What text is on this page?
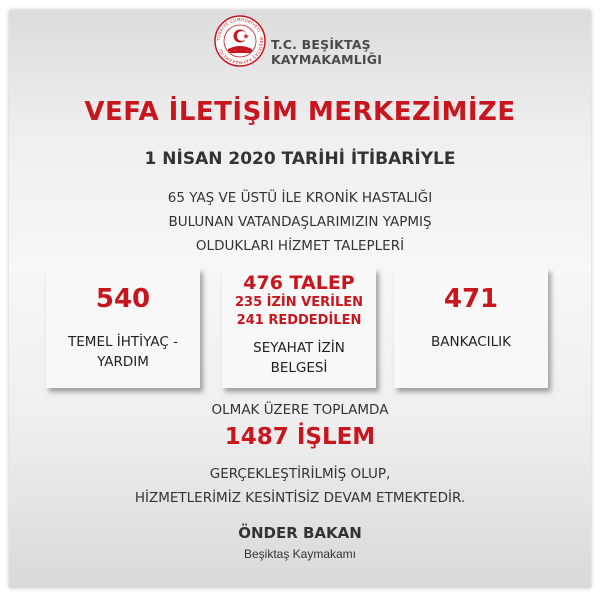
TÜRKİYE CUMHURİYETİ · BEŞİKTAŞ KAYMAKAMLIĞI	T.C. BEŞİKTAŞ
KAYMAKAMLIĞI
VEFA İLETİŞİM MERKEZİMİZE
1 NİSAN 2020 TARİHİ İTİBARİYLE
65 YAŞ VE ÜSTÜ İLE KRONİK HASTALIĞI
BULUNAN VATANDAŞLARIMIZIN YAPMIŞ
OLDUKLARI HİZMET TALEPLERİ
540
TEMEL İHTİYAÇ -
YARDIM
476 TALEP
235 İZİN VERİLEN
241 REDDEDİLEN
SEYAHAT İZİN
BELGESİ
471
BANKACILIK
OLMAK ÜZERE TOPLAMDA
1487 İŞLEM
GERÇEKLEŞTİRİLMİŞ OLUP,
HİZMETLERİMİZ KESİNTİSİZ DEVAM ETMEKTEDİR.
ÖNDER BAKAN
Beşiktaş Kaymakamı
